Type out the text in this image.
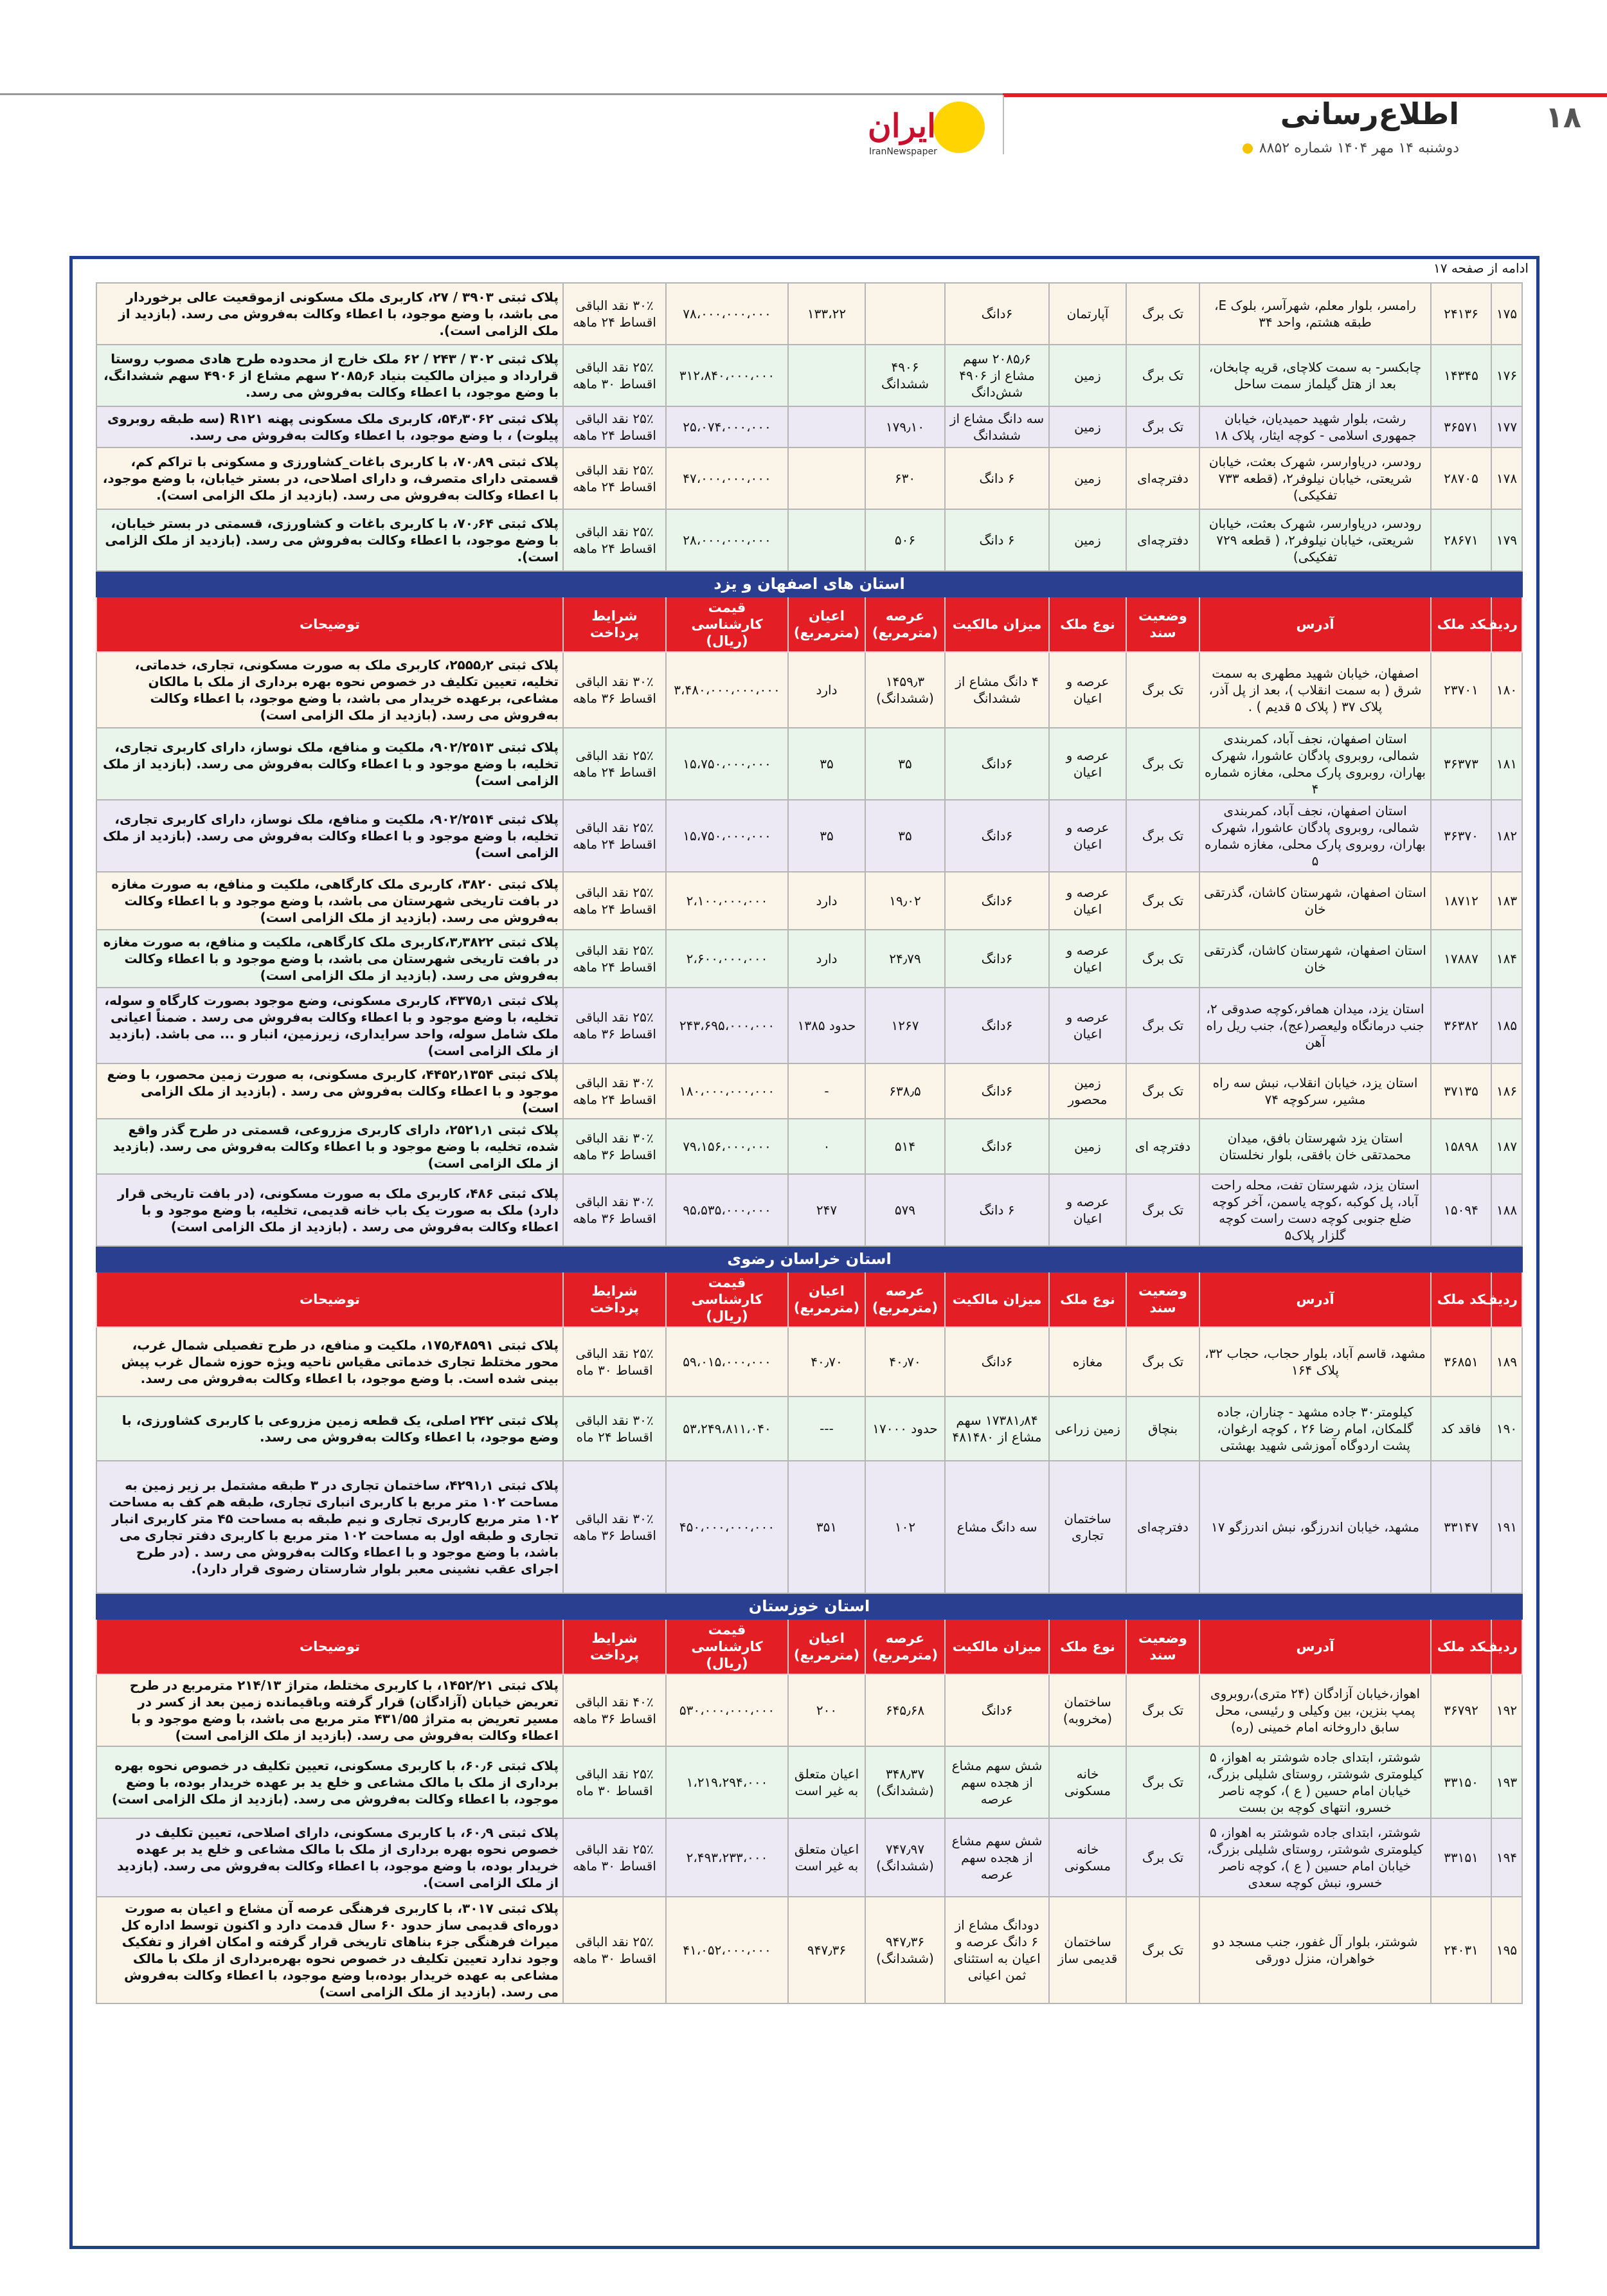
۱۸
اطلاع‌رسانی
دوشنبه ۱۴ مهر ۱۴۰۴ شماره ۸۸۵۲
ایران
IranNewspaper
ادامه از صفحه ۱۷
۱۷۵	۲۴۱۳۶	رامسر، بلوار معلم، شهرآسر، بلوک E، طبقه هشتم، واحد ۳۴	تک برگ	آپارتمان	۶دانگ		۱۳۳،۲۲	۷۸،۰۰۰،۰۰۰،۰۰۰	۳۰٪ نقد الباقی اقساط ۲۴ ماهه	پلاک ثبتی ۳۹۰۳ / ۲۷، کاربری ملک مسکونی ازموقعیت عالی برخوردار می باشد، با وضع موجود، با اعطاء وکالت به‌فروش می رسد. (بازدید از ملک الزامی است).
۱۷۶	۱۴۳۴۵	چابکسر- به سمت کلاچای، قریه چابخان، بعد از هتل گیلماز سمت ساحل	تک برگ	زمین	۲۰۸۵٫۶ سهم مشاع از ۴۹۰۶ شش‌دانگ	۴۹۰۶ ششدانگ		۳۱۲،۸۴۰،۰۰۰،۰۰۰	۲۵٪ نقد الباقی اقساط ۳۰ ماهه	پلاک ثبتی ۳۰۲ / ۲۴۳ / ۶۲ ملک خارج از محدوده طرح هادی مصوب روستا قرارداد و میزان مالکیت بنیاد ۲۰۸۵٫۶ سهم مشاع از ۴۹۰۶ سهم ششدانگ، با وضع موجود، با اعطاء وکالت به‌فروش می رسد.
۱۷۷	۳۶۵۷۱	رشت، بلوار شهید حمیدیان، خیابان جمهوری اسلامی - کوچه ایثار، پلاک ۱۸	تک برگ	زمین	سه دانگ مشاع از ششدانگ	۱۷۹٫۱۰		۲۵،۰۷۴،۰۰۰،۰۰۰	۲۵٪ نقد الباقی اقساط ۲۴ ماهه	پلاک ثبتی ۵۴٫۳۰۶۲، کاربری ملک مسکونی پهنه R۱۲۱ (سه طبقه روبروی پیلوت) ، با وضع موجود، با اعطاء وکالت به‌فروش می رسد.
۱۷۸	۲۸۷۰۵	رودسر، دریاوارسر، شهرک بعثت، خیابان شریعتی، خیابان نیلوفر۲، (قطعه ۷۳۳ تفکیکی)	دفترچه‌ای	زمین	۶ دانگ	۶۳۰		۴۷،۰۰۰،۰۰۰،۰۰۰	۲۵٪ نقد الباقی اقساط ۲۴ ماهه	پلاک ثبتی ۷۰٫۸۹، با کاربری باغات_کشاورزی و مسکونی با تراکم کم، قسمتی دارای متصرف، و دارای اصلاحی، در بستر خیابان، با وضع موجود، با اعطاء وکالت به‌فروش می رسد. (بازدید از ملک الزامی است).
۱۷۹	۲۸۶۷۱	رودسر، دریاوارسر، شهرک بعثت، خیابان شریعتی، خیابان نیلوفر۲، ( قطعه ۷۲۹ تفکیکی)	دفترچه‌ای	زمین	۶ دانگ	۵۰۶		۲۸،۰۰۰،۰۰۰،۰۰۰	۲۵٪ نقد الباقی اقساط ۲۴ ماهه	پلاک ثبتی ۷۰٫۶۴، با کاربری باغات و کشاورزی، قسمتی در بستر خیابان، با وضع موجود، با اعطاء وکالت به‌فروش می رسد. (بازدید از ملک الزامی است).
استان های اصفهان و یزد										
ردیف	کد ملک	آدرس	وضعیت سند	نوع ملک	میزان مالکیت	عرصه (مترمربع)	اعیان (مترمربع)	قیمت کارشناسی (ریال)	شرایط پرداخت	توضیحات
۱۸۰	۲۳۷۰۱	اصفهان، خیابان شهید مطهری به سمت شرق ( به سمت انقلاب )، بعد از پل آذر، پلاک ۳۷ ( پلاک ۵ قدیم ) .	تک برگ	عرصه و اعیان	۴ دانگ مشاع از ششدانگ	۱۴۵۹٫۳ (ششدانگ)	دارد	۳،۴۸۰،۰۰۰،۰۰۰،۰۰۰	۳۰٪ نقد الباقی اقساط ۳۶ ماهه	پلاک ثبتی ۲۵۵۵٫۲، کاربری ملک به صورت مسکونی، تجاری، خدماتی، تخلیه، تعیین تکلیف در خصوص نحوه بهره برداری از ملک با مالکان مشاعی، برعهده خریدار می باشد، با وضع موجود، با اعطاء وکالت به‌فروش می رسد. (بازدید از ملک الزامی است)
۱۸۱	۳۶۳۷۳	استان اصفهان، نجف آباد، کمربندی شمالی، روبروی پادگان عاشورا، شهرک بهاران، روبروی پارک محلی، مغازه شماره ۴	تک برگ	عرصه و اعیان	۶دانگ	۳۵	۳۵	۱۵،۷۵۰،۰۰۰،۰۰۰	۲۵٪ نقد الباقی اقساط ۲۴ ماهه	پلاک ثبتی ۹۰۲/۲۵۱۳، ملکیت و منافع، ملک نوساز، دارای کاربری تجاری، تخلیه، با وضع موجود و با اعطاء وکالت به‌فروش می رسد. (بازدید از ملک الزامی است)
۱۸۲	۳۶۳۷۰	استان اصفهان، نجف آباد، کمربندی شمالی، روبروی پادگان عاشورا، شهرک بهاران، روبروی پارک محلی، مغازه شماره ۵	تک برگ	عرصه و اعیان	۶دانگ	۳۵	۳۵	۱۵،۷۵۰،۰۰۰،۰۰۰	۲۵٪ نقد الباقی اقساط ۲۴ ماهه	پلاک ثبتی ۹۰۲/۲۵۱۴، ملکیت و منافع، ملک نوساز، دارای کاربری تجاری، تخلیه، با وضع موجود و با اعطاء وکالت به‌فروش می رسد. (بازدید از ملک الزامی است)
۱۸۳	۱۸۷۱۲	استان اصفهان، شهرستان کاشان، گذرتقی خان	تک برگ	عرصه و اعیان	۶دانگ	۱۹٫۰۲	دارد	۲،۱۰۰،۰۰۰،۰۰۰	۲۵٪ نقد الباقی اقساط ۲۴ ماهه	پلاک ثبتی ۳۸۲۰، کاربری ملک کارگاهی، ملکیت و منافع، به صورت مغازه در بافت تاریخی شهرستان می باشد، با وضع موجود و با اعطاء وکالت به‌فروش می رسد. (بازدید از ملک الزامی است)
۱۸۴	۱۷۸۸۷	استان اصفهان، شهرستان کاشان، گذرتقی خان	تک برگ	عرصه و اعیان	۶دانگ	۲۴٫۷۹	دارد	۲،۶۰۰،۰۰۰،۰۰۰	۲۵٪ نقد الباقی اقساط ۲۴ ماهه	پلاک ثبتی ۳٫۳۸۲۲،کاربری ملک کارگاهی، ملکیت و منافع، به صورت مغازه در بافت تاریخی شهرستان می باشد، با وضع موجود و با اعطاء وکالت به‌فروش می رسد. (بازدید از ملک الزامی است)
۱۸۵	۳۶۳۸۲	استان یزد، میدان همافر،کوچه صدوقی ۲، جنب درمانگاه ولیعصر(عج)، جنب ریل راه آهن	تک برگ	عرصه و اعیان	۶دانگ	۱۲۶۷	حدود ۱۳۸۵	۲۴۳،۶۹۵،۰۰۰،۰۰۰	۲۵٪ نقد الباقی اقساط ۳۶ ماهه	پلاک ثبتی ۴۳۷۵٫۱، کاربری مسکونی، وضع موجود بصورت کارگاه و سوله، تخلیه، با وضع موجود و با اعطاء وکالت به‌فروش می رسد . ضمناً اعیانی ملک شامل سوله، واحد سرایداری، زیرزمین، انبار و ... می باشد. (بازدید از ملک الزامی است)
۱۸۶	۳۷۱۳۵	استان یزد، خیابان انقلاب، نبش سه راه مشیر، سرکوچه ۷۴	تک برگ	زمین محصور	۶دانگ	۶۳۸٫۵	-	۱۸۰،۰۰۰،۰۰۰،۰۰۰	۳۰٪ نقد الباقی اقساط ۲۴ ماهه	پلاک ثبتی ۴۴۵۲٫۱۳۵۴، کاربری مسکونی، به صورت زمین محصور، با وضع موجود و با اعطاء وکالت به‌فروش می رسد . (بازدید از ملک الزامی است)
۱۸۷	۱۵۸۹۸	استان یزد شهرستان بافق، میدان محمدتقی خان بافقی، بلوار نخلستان	دفترچه ای	زمین	۶دانگ	۵۱۴	۰	۷۹،۱۵۶،۰۰۰،۰۰۰	۳۰٪ نقد الباقی اقساط ۳۶ ماهه	پلاک ثبتی ۲۵۲۱٫۱، دارای کاربری مزروعی، قسمتی در طرح گذر واقع شده، تخلیه، با وضع موجود و با اعطاء وکالت به‌فروش می رسد. (بازدید از ملک الزامی است)
۱۸۸	۱۵۰۹۴	استان یزد، شهرستان تفت، محله راحت آباد، پل کوکبه ،کوچه یاسمن، آخر کوچه ضلع جنوبی کوچه دست راست کوچه گلزار پلاک۵	تک برگ	عرصه و اعیان	۶ دانگ	۵۷۹	۲۴۷	۹۵،۵۳۵،۰۰۰،۰۰۰	۳۰٪ نقد الباقی اقساط ۳۶ ماهه	پلاک ثبتی ۴۸۶، کاربری ملک به صورت مسکونی، (در بافت تاریخی قرار دارد) ملک به صورت یک باب خانه قدیمی، تخلیه، با وضع موجود و با اعطاء وکالت به‌فروش می رسد . (بازدید از ملک الزامی است)
استان خراسان رضوی										
ردیف	کد ملک	آدرس	وضعیت سند	نوع ملک	میزان مالکیت	عرصه (مترمربع)	اعیان (مترمربع)	قیمت کارشناسی (ریال)	شرایط پرداخت	توضیحات
۱۸۹	۳۶۸۵۱	مشهد، قاسم آباد، بلوار حجاب، حجاب ۳۲، پلاک ۱۶۴	تک برگ	مغازه	۶دانگ	۴۰٫۷۰	۴۰٫۷۰	۵۹،۰۱۵،۰۰۰،۰۰۰	۲۵٪ نقد الباقی اقساط ۳۰ ماه	پلاک ثبتی ۱۷۵٫۴۸۵۹۱، ملکیت و منافع، در طرح تفصیلی شمال غرب، محور مختلط تجاری خدماتی مقیاس ناحیه ویژه حوزه شمال غرب پیش بینی شده است. با وضع موجود، با اعطاء وکالت به‌فروش می رسد.
۱۹۰	فاقد کد	کیلومتر۳۰ جاده مشهد - چناران، جاده گلمکان، امام رضا ۲۶ ، کوچه ارغوان، پشت اردوگاه آموزشی شهید بهشتی	بنچاق	زمین زراعی	۱۷۳۸۱٫۸۴ سهم مشاع از ۴۸۱۴۸۰	حدود ۱۷۰۰۰	---	۵۳،۲۴۹،۸۱۱،۰۴۰	۳۰٪ نقد الباقی اقساط ۲۴ ماه	پلاک ثبتی ۲۴۲ اصلی، یک قطعه زمین مزروعی با کاربری کشاورزی، با وضع موجود، با اعطاء وکالت به‌فروش می رسد.
۱۹۱	۳۳۱۴۷	مشهد، خیابان اندرزگو، نبش اندرزگو ۱۷	دفترچه‌ای	ساختمان تجاری	سه دانگ مشاع	۱۰۲	۳۵۱	۴۵۰،۰۰۰،۰۰۰،۰۰۰	۳۰٪ نقد الباقی اقساط ۳۶ ماهه	پلاک ثبتی ۴۲۹۱٫۱، ساختمان تجاری در ۳ طبقه مشتمل بر زیر زمین به مساحت ۱۰۲ متر مربع با کاربری انباری تجاری، طبقه هم کف به مساحت ۱۰۲ متر مربع کاربری تجاری و نیم طبقه به مساحت ۴۵ متر کاربری انبار تجاری و طبقه اول به مساحت ۱۰۲ متر مربع با کاربری دفتر تجاری می باشد، با وضع موجود و با اعطاء وکالت به‌فروش می رسد . (در طرح اجرای عقب نشینی معبر بلوار شارستان رضوی قرار دارد).
استان خوزستان										
ردیف	کد ملک	آدرس	وضعیت سند	نوع ملک	میزان مالکیت	عرصه (مترمربع)	اعیان (مترمربع)	قیمت کارشناسی (ریال)	شرایط پرداخت	توضیحات
۱۹۲	۳۶۷۹۲	اهواز،خیابان آزادگان (۲۴ متری)،روبروی پمپ بنزین، بین وکیلی و رئیسی، محل سابق داروخانه امام خمینی (ره)	تک برگ	ساختمان (مخروبه)	۶دانگ	۶۴۵٫۶۸	۲۰۰	۵۳۰،۰۰۰،۰۰۰،۰۰۰	۴۰٪ نقد الباقی اقساط ۳۶ ماهه	پلاک ثبتی ۱۴۵۲/۲۱، با کاربری مختلط، متراژ ۲۱۴/۱۳ مترمربع در طرح تعریض خیابان (آزادگان) قرار گرفته وباقیمانده زمین بعد از کسر در مسیر تعریض به متراژ ۴۳۱/۵۵ متر مربع می باشد، با وضع موجود و با اعطاء وکالت به‌فروش می رسد. (بازدید از ملک الزامی است)
۱۹۳	۳۳۱۵۰	شوشتر، ابتدای جاده شوشتر به اهواز، ۵ کیلومتری شوشتر، روستای شلیلی بزرگ، خیابان امام حسین ( ع )، کوچه ناصر خسرو، انتهای کوچه بن بست	تک برگ	خانه مسکونی	شش سهم مشاع از هجده سهم عرصه	۳۴۸٫۳۷ (ششدانگ)	اعیان متعلق به غیر است	۱،۲۱۹،۲۹۴،۰۰۰	۲۵٪ نقد الباقی اقساط ۳۰ ماه	پلاک ثبتی ۶۰٫۶، با کاربری مسکونی، تعیین تکلیف در خصوص نحوه بهره برداری از ملک با مالک مشاعی و خلع ید بر عهده خریدار بوده، با وضع موجود، با اعطاء وکالت به‌فروش می رسد. (بازدید از ملک الزامی است)
۱۹۴	۳۳۱۵۱	شوشتر، ابتدای جاده شوشتر به اهواز، ۵ کیلومتری شوشتر، روستای شلیلی بزرگ، خیابان امام حسین ( ع )، کوچه ناصر خسرو، نبش کوچه سعدی	تک برگ	خانه مسکونی	شش سهم مشاع از هجده سهم عرصه	۷۴۷٫۹۷ (ششدانگ)	اعیان متعلق به غیر است	۲،۴۹۳،۲۳۳،۰۰۰	۲۵٪ نقد الباقی اقساط ۳۰ ماهه	پلاک ثبتی ۶۰٫۹، با کاربری مسکونی، دارای اصلاحی، تعیین تکلیف در خصوص نحوه بهره برداری از ملک با مالک مشاعی و خلع ید بر عهده خریدار بوده، با وضع موجود، با اعطاء وکالت به‌فروش می رسد. (بازدید از ملک الزامی است).
۱۹۵	۲۴۰۳۱	شوشتر، بلوار آل غفور، جنب مسجد دو خواهران، منزل دورقی	تک برگ	ساختمان قدیمی ساز	دودانگ مشاع از ۶ دانگ عرصه و اعیان به استثنای ثمن اعیانی	۹۴۷٫۳۶ (ششدانگ)	۹۴۷٫۳۶	۴۱،۰۵۲،۰۰۰،۰۰۰	۲۵٪ نقد الباقی اقساط ۳۰ ماهه	پلاک ثبتی ۳۰۱۷، با کاربری فرهنگی عرصه آن مشاع و اعیان به صورت دوره‌ای قدیمی ساز حدود ۶۰ سال قدمت دارد و اکنون توسط اداره کل میراث فرهنگی جزء بناهای تاریخی قرار گرفته و امکان افراز و تفکیک وجود ندارد تعیین تکلیف در خصوص نحوه بهره‌برداری از ملک با مالک مشاعی به عهده خریدار بوده،با وضع موجود، با اعطاء وکالت به‌فروش می رسد. (بازدید از ملک الزامی است)
